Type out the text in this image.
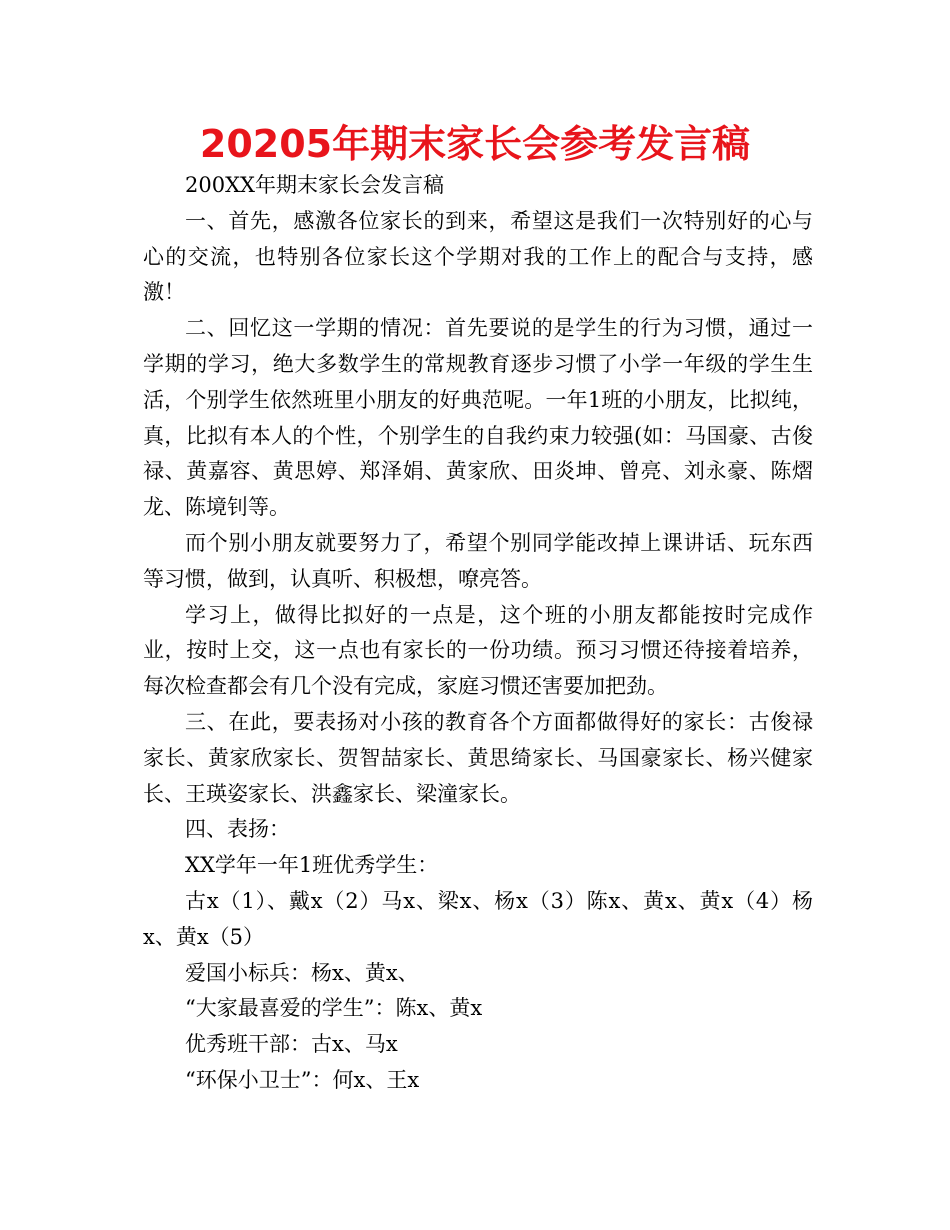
20205年期末家长会参考发言稿

200XX年期末家长会发言稿

一、首先，感激各位家长的到来，希望这是我们一次特别好的心与心的交流，也特别各位家长这个学期对我的工作上的配合与支持，感激！

二、回忆这一学期的情况：首先要说的是学生的行为习惯，通过一学期的学习，绝大多数学生的常规教育逐步习惯了小学一年级的学生生活，个别学生依然班里小朋友的好典范呢。一年1班的小朋友，比拟纯，真，比拟有本人的个性，个别学生的自我约束力较强(如：马国豪、古俊禄、黄嘉容、黄思婷、郑泽娟、黄家欣、田炎坤、曾亮、刘永豪、陈熠龙、陈境钊等。

而个别小朋友就要努力了，希望个别同学能改掉上课讲话、玩东西等习惯，做到，认真听、积极想，嘹亮答。

学习上，做得比拟好的一点是，这个班的小朋友都能按时完成作业，按时上交，这一点也有家长的一份功绩。预习习惯还待接着培养，每次检查都会有几个没有完成，家庭习惯还害要加把劲。

三、在此，要表扬对小孩的教育各个方面都做得好的家长：古俊禄家长、黄家欣家长、贺智喆家长、黄思绮家长、马国豪家长、杨兴健家长、王瑛姿家长、洪鑫家长、梁潼家长。

四、表扬：

XX学年一年1班优秀学生：

古x（1）、戴x（2）马x、梁x、杨x（3）陈x、黄x、黄x（4）杨x、黄x（5）

爱国小标兵：杨x、黄x、

“大家最喜爱的学生”：陈x、黄x

优秀班干部：古x、马x

“环保小卫士”：何x、王x
